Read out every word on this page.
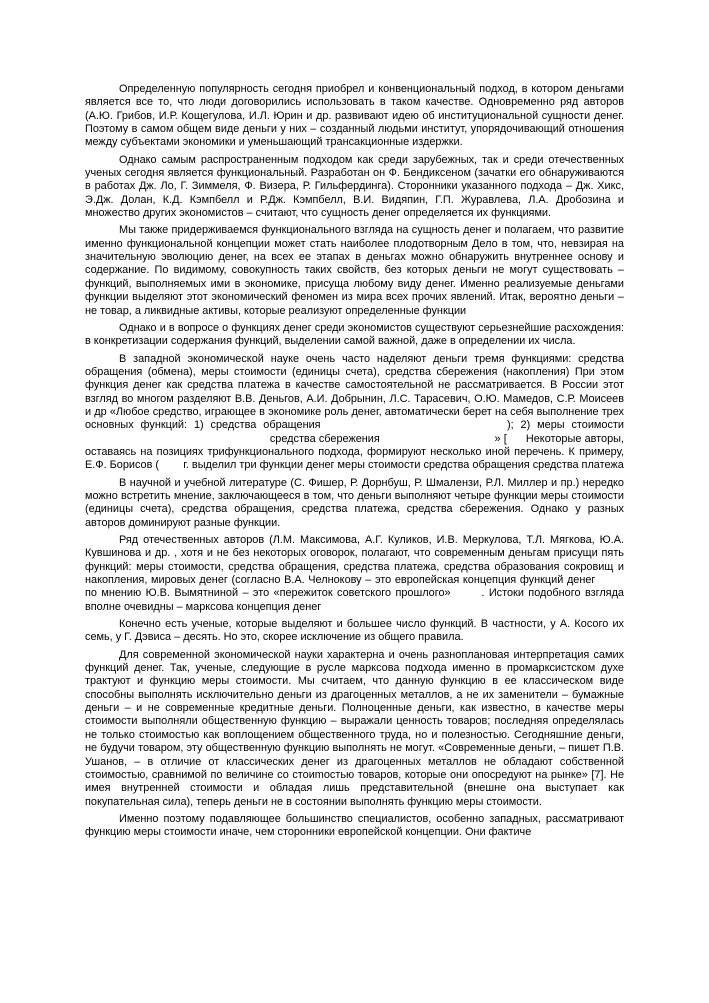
Определенную популярность сегодня приобрел и конвенциональный подход, в котором деньгами является все то, что люди договорились использовать в таком качестве. Одновременно ряд авторов (А.Ю. Грибов, И.Р. Кощегулова, И.Л. Юрин и др. развивают идею об институциональной сущности денег. Поэтому в самом общем виде деньги у них – созданный людьми институт, упорядочивающий отношения между субъектами экономики и уменьшающий трансакционные издержки.

Однако самым распространенным подходом как среди зарубежных, так и среди отечественных ученых сегодня является функциональный. Разработан он Ф. Бендиксеном (зачатки его обнаруживаются в работах Дж. Ло, Г. Зиммеля, Ф. Визера, Р. Гильфердинга). Сторонники указанного подхода – Дж. Хикс, Э.Дж. Долан, К.Д. Кэмпбелл и Р.Дж. Кэмпбелл, В.И. Видяпин, Г.П. Журавлева, Л.А. Дробозина и множество других экономистов – считают, что сущность денег определяется их функциями.

Мы также придерживаемся функционального взгляда на сущность денег и полагаем, что развитие именно функциональной концепции может стать наиболее плодотворным Дело в том, что, невзирая на значительную эволюцию денег, на всех ее этапах в деньгах можно обнаружить внутреннее основу и содержание. По видимому, совокупность таких свойств, без которых деньги не могут существовать – функций, выполняемых ими в экономике, присуща любому виду денег. Именно реализуемые деньгами функции выделяют этот экономический феномен из мира всех прочих явлений. Итак, вероятно деньги – не товар, а ликвидные активы, которые реализуют определенные функции

Однако и в вопросе о функциях денег среди экономистов существуют серьезнейшие расхождения: в конкретизации содержания функций, выделении самой важной, даже в определении их числа.

В западной экономической науке очень часто наделяют деньги тремя функциями: средства обращения (обмена), меры стоимости (единицы счета), средства сбережения (накопления) При этом функция денег как средства платежа в качестве самостоятельной не рассматривается. В России этот взгляд во многом разделяют В.В. Деньгов, А.И. Добрынин, Л.С. Тарасевич, О.Ю. Мамедов, С.Р. Моисеев и др «Любое средство, играющее в экономике роль денег, автоматически берет на себя выполнение трех основных функций: 1) средства обращения                           ); 2) меры стоимости                                                           средства сбережения                                    » [      Некоторые авторы, оставаясь на позициях трифункционального подхода, формируют несколько иной перечень. К примеру, Е.Ф. Борисов (        г. выделил три функции денег меры стоимости средства обращения средства платежа

В научной и учебной литературе (С. Фишер, Р. Дорнбуш, Р. Шмалензи, Р.Л. Миллер и пр.) нередко можно встретить мнение, заключающееся в том, что деньги выполняют четыре функции меры стоимости (единицы счета), средства обращения, средства платежа, средства сбережения. Однако у разных авторов доминируют разные функции.

Ряд отечественных авторов (Л.М. Максимова, А.Г. Куликов, И.В. Меркулова, Т.Л. Мягкова, Ю.А. Кувшинова и др. , хотя и не без некоторых оговорок, полагают, что современным деньгам присущи пять функций: меры стоимости, средства обращения, средства платежа, средства образования сокровищ и накопления, мировых денег (согласно В.А. Челнокову – это европейская концепция функций денег         по мнению Ю.В. Вымятниной – это «пережиток советского прошлого»       . Истоки подобного взгляда вполне очевидны – марксова концепция денег

Конечно есть ученые, которые выделяют и большее число функций. В частности, у А. Косого их семь, у Г. Дэвиса – десять. Но это, скорее исключение из общего правила.

Для современной экономической науки характерна и очень разноплановая интерпретация самих функций денег. Так, ученые, следующие в русле марксова подхода именно в промарксистском духе трактуют и функцию меры стоимости. Мы считаем, что данную функцию в ее классическом виде способны выполнять исключительно деньги из драгоценных металлов, а не их заменители – бумажные деньги – и не современные кредитные деньги. Полноценные деньги, как известно, в качестве меры стоимости выполняли общественную функцию – выражали ценность товаров; последняя определялась не только стоимостью как воплощением общественного труда, но и полезностью. Сегодняшние деньги, не будучи товаром, эту общественную функцию выполнять не могут. «Современные деньги, – пишет П.В. Ушанов, – в отличие от классических денег из драгоценных металлов не обладают собственной стоимостью, сравнимой по величине со стоиmостью товаров, которые они опосредуют на рынке» [7]. Не имея внутренней стоимости и обладая лишь представительной (внешне она выступает как покупательная сила), теперь деньги не в состоянии выполнять функцию меры стоимости.

Именно поэтому подавляющее большинство специалистов, особенно западных, рассматривают функцию меры стоимости иначе, чем сторонники европейской концепции. Они фактиче
